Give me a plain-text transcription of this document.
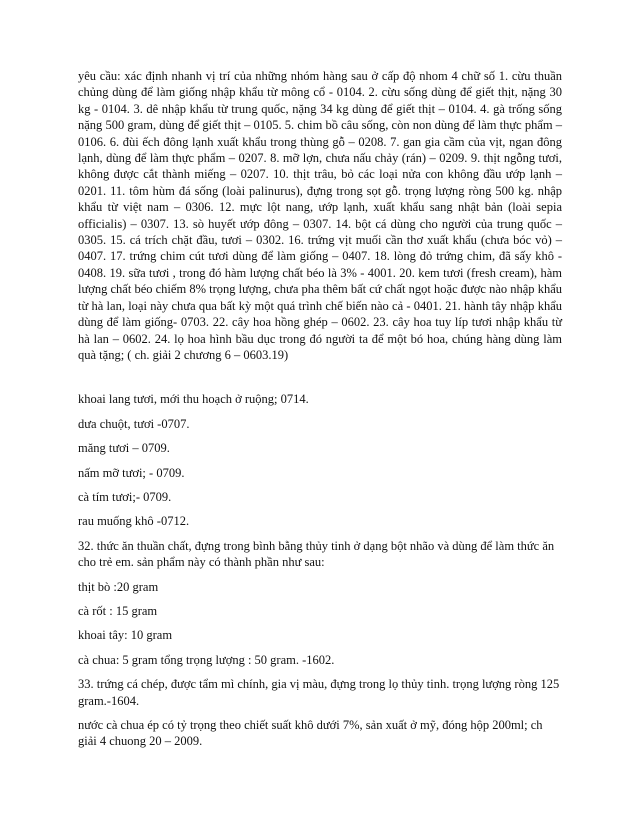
yêu cầu: xác định nhanh vị trí của những nhóm hàng sau ở cấp độ nhom 4 chữ số 1. cừu thuần chủng dùng để làm giống nhập khẩu từ mông cổ - 0104. 2. cừu sống dùng để giết thịt, nặng 30 kg - 0104. 3. dê nhập khẩu từ trung quốc, nặng 34 kg dùng để giết thịt – 0104. 4. gà trống sống nặng 500 gram, dùng để giết thịt – 0105. 5. chim bồ câu sống, còn non dùng để làm thực phẩm – 0106. 6. đùi ếch đông lạnh xuất khẩu trong thùng gỗ – 0208. 7. gan gia cầm của vịt, ngan đông lạnh, dùng để làm thực phẩm – 0207. 8. mỡ lợn, chưa nấu chảy (rán) – 0209. 9. thịt ngỗng tươi, không được cắt thành miếng – 0207. 10. thịt trâu, bỏ các loại nửa con không đầu ướp lạnh – 0201. 11. tôm hùm đá sống (loài palinurus), đựng trong sọt gỗ. trọng lượng ròng 500 kg. nhập khẩu từ việt nam – 0306. 12. mực lột nang, ướp lạnh, xuất khẩu sang nhật bản (loài sepia officialis) – 0307. 13. sò huyết ướp đông – 0307. 14. bột cá dùng cho người của trung quốc – 0305. 15. cá trích chặt đầu, tươi – 0302. 16. trứng vịt muối cần thơ xuất khẩu (chưa bóc vỏ) – 0407. 17. trứng chim cút tươi dùng để làm giống – 0407. 18. lòng đỏ trứng chim, đã sấy khô - 0408. 19. sữa tươi , trong đó hàm lượng chất béo là 3% - 4001. 20. kem tươi (fresh cream), hàm lượng chất béo chiếm 8% trọng lượng, chưa pha thêm bất cứ chất ngọt hoặc được nào nhập khẩu từ hà lan, loại này chưa qua bất kỳ một quá trình chế biến nào cả - 0401. 21. hành tây nhập khẩu dùng để làm giống- 0703. 22. cây hoa hồng ghép – 0602. 23. cây hoa tuy líp tươi nhập khẩu từ hà lan – 0602. 24. lọ hoa hình bầu dục trong đó người ta để một bó hoa, chúng hàng dùng làm quà tặng; ( ch. giải 2 chương 6 – 0603.19)

khoai lang tươi, mới thu hoạch ở ruộng; 0714.

dưa chuột, tươi -0707.

măng tươi – 0709.

nấm mỡ tươi; - 0709.

cà tím tươi;- 0709.

rau muống khô -0712.

32. thức ăn thuần chất, đựng trong bình bằng thủy tinh ở dạng bột nhão và dùng để làm thức ăn cho trẻ em. sản phẩm này có thành phần như sau:

thịt bò :20 gram

cà rốt : 15 gram

khoai tây: 10 gram

cà chua: 5 gram tổng trọng lượng : 50 gram. -1602.

33. trứng cá chép, được tẩm mì chính, gia vị màu, đựng trong lọ thủy tinh. trọng lượng ròng 125 gram.-1604.

nước cà chua ép có tỷ trọng theo chiết suất khô dưới 7%, sản xuất ở mỹ, đóng hộp 200ml; ch giải 4 chuong 20 – 2009.
